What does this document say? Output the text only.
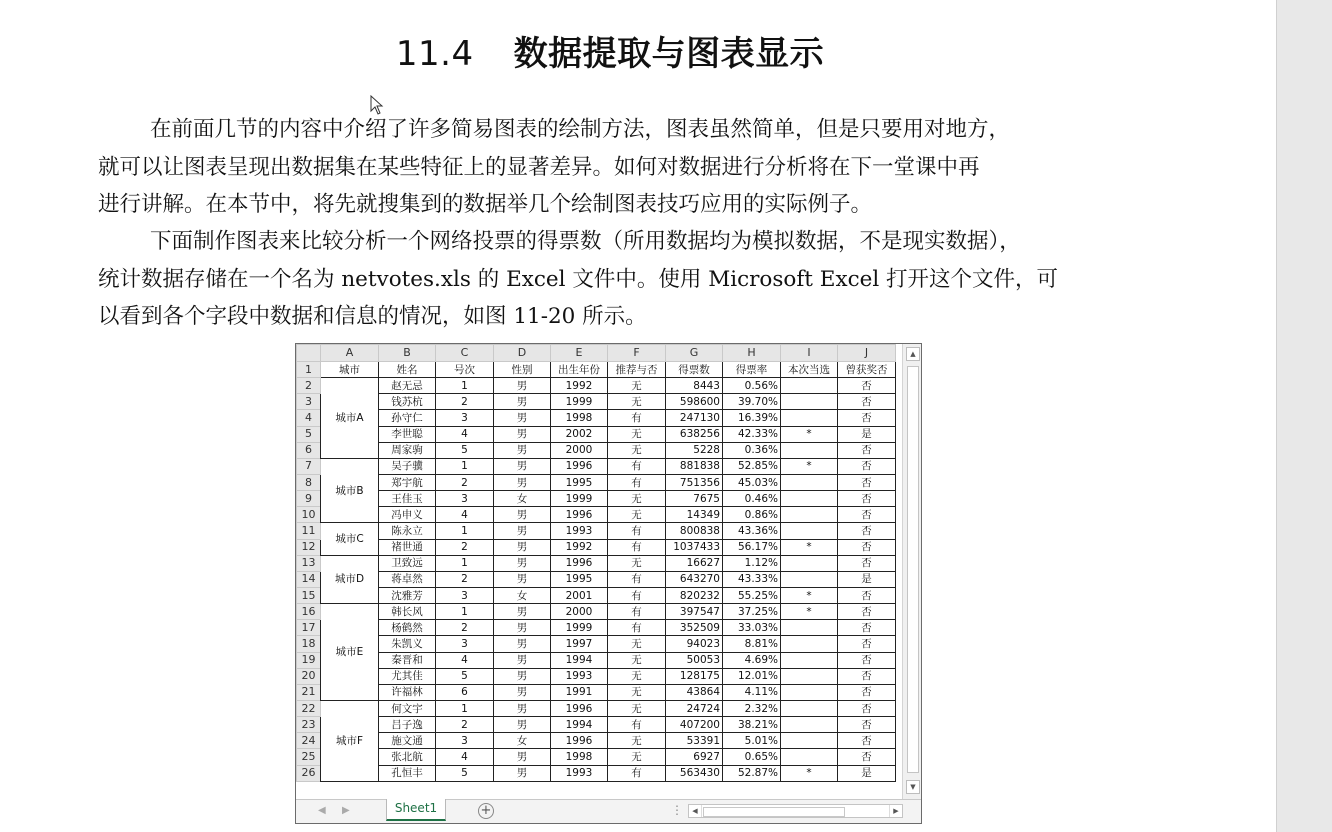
11.4 数据提取与图表显示
在前面几节的内容中介绍了许多简易图表的绘制方法，图表虽然简单，但是只要用对地方，
就可以让图表呈现出数据集在某些特征上的显著差异。如何对数据进行分析将在下一堂课中再
进行讲解。在本节中，将先就搜集到的数据举几个绘制图表技巧应用的实际例子。
下面制作图表来比较分析一个网络投票的得票数（所用数据均为模拟数据，不是现实数据），
统计数据存储在一个名为 netvotes.xls 的 Excel 文件中。使用 Microsoft Excel 打开这个文件，可
以看到各个字段中数据和信息的情况，如图 11-20 所示。
	A	B	C	D	E	F	G	H	I	J
1	城市	姓名	号次	性别	出生年份	推荐与否	得票数	得票率	本次当选	曾获奖否
2	城市A	赵无忌	1	男	1992	无	8443	0.56%		否
3		钱苏杭	2	男	1999	无	598600	39.70%		否
4		孙守仁	3	男	1998	有	247130	16.39%		否
5		李世聪	4	男	2002	无	638256	42.33%	*	是
6		周家驹	5	男	2000	无	5228	0.36%		否
7	城市B	吴子骥	1	男	1996	有	881838	52.85%	*	否
8		郑宇航	2	男	1995	有	751356	45.03%		否
9		王佳玉	3	女	1999	无	7675	0.46%		否
10		冯申义	4	男	1996	无	14349	0.86%		否
11	城市C	陈永立	1	男	1993	有	800838	43.36%		否
12		褚世通	2	男	1992	有	1037433	56.17%	*	否
13	城市D	卫致远	1	男	1996	无	16627	1.12%		否
14		蒋卓然	2	男	1995	有	643270	43.33%		是
15		沈雅芳	3	女	2001	有	820232	55.25%	*	否
16	城市E	韩长风	1	男	2000	有	397547	37.25%	*	否
17		杨鹤然	2	男	1999	有	352509	33.03%		否
18		朱凯义	3	男	1997	无	94023	8.81%		否
19		秦晋和	4	男	1994	无	50053	4.69%		否
20		尤其佳	5	男	1993	无	128175	12.01%		否
21		许福林	6	男	1991	无	43864	4.11%		否
22	城市F	何文宇	1	男	1996	无	24724	2.32%		否
23		吕子逸	2	男	1994	有	407200	38.21%		否
24		施文通	3	女	1996	无	53391	5.01%		否
25		张北航	4	男	1998	无	6927	0.65%		否
26		孔恒丰	5	男	1993	有	563430	52.87%	*	是
▲
▼
◀ ▶	Sheet1	+	⋮	◀	▶
